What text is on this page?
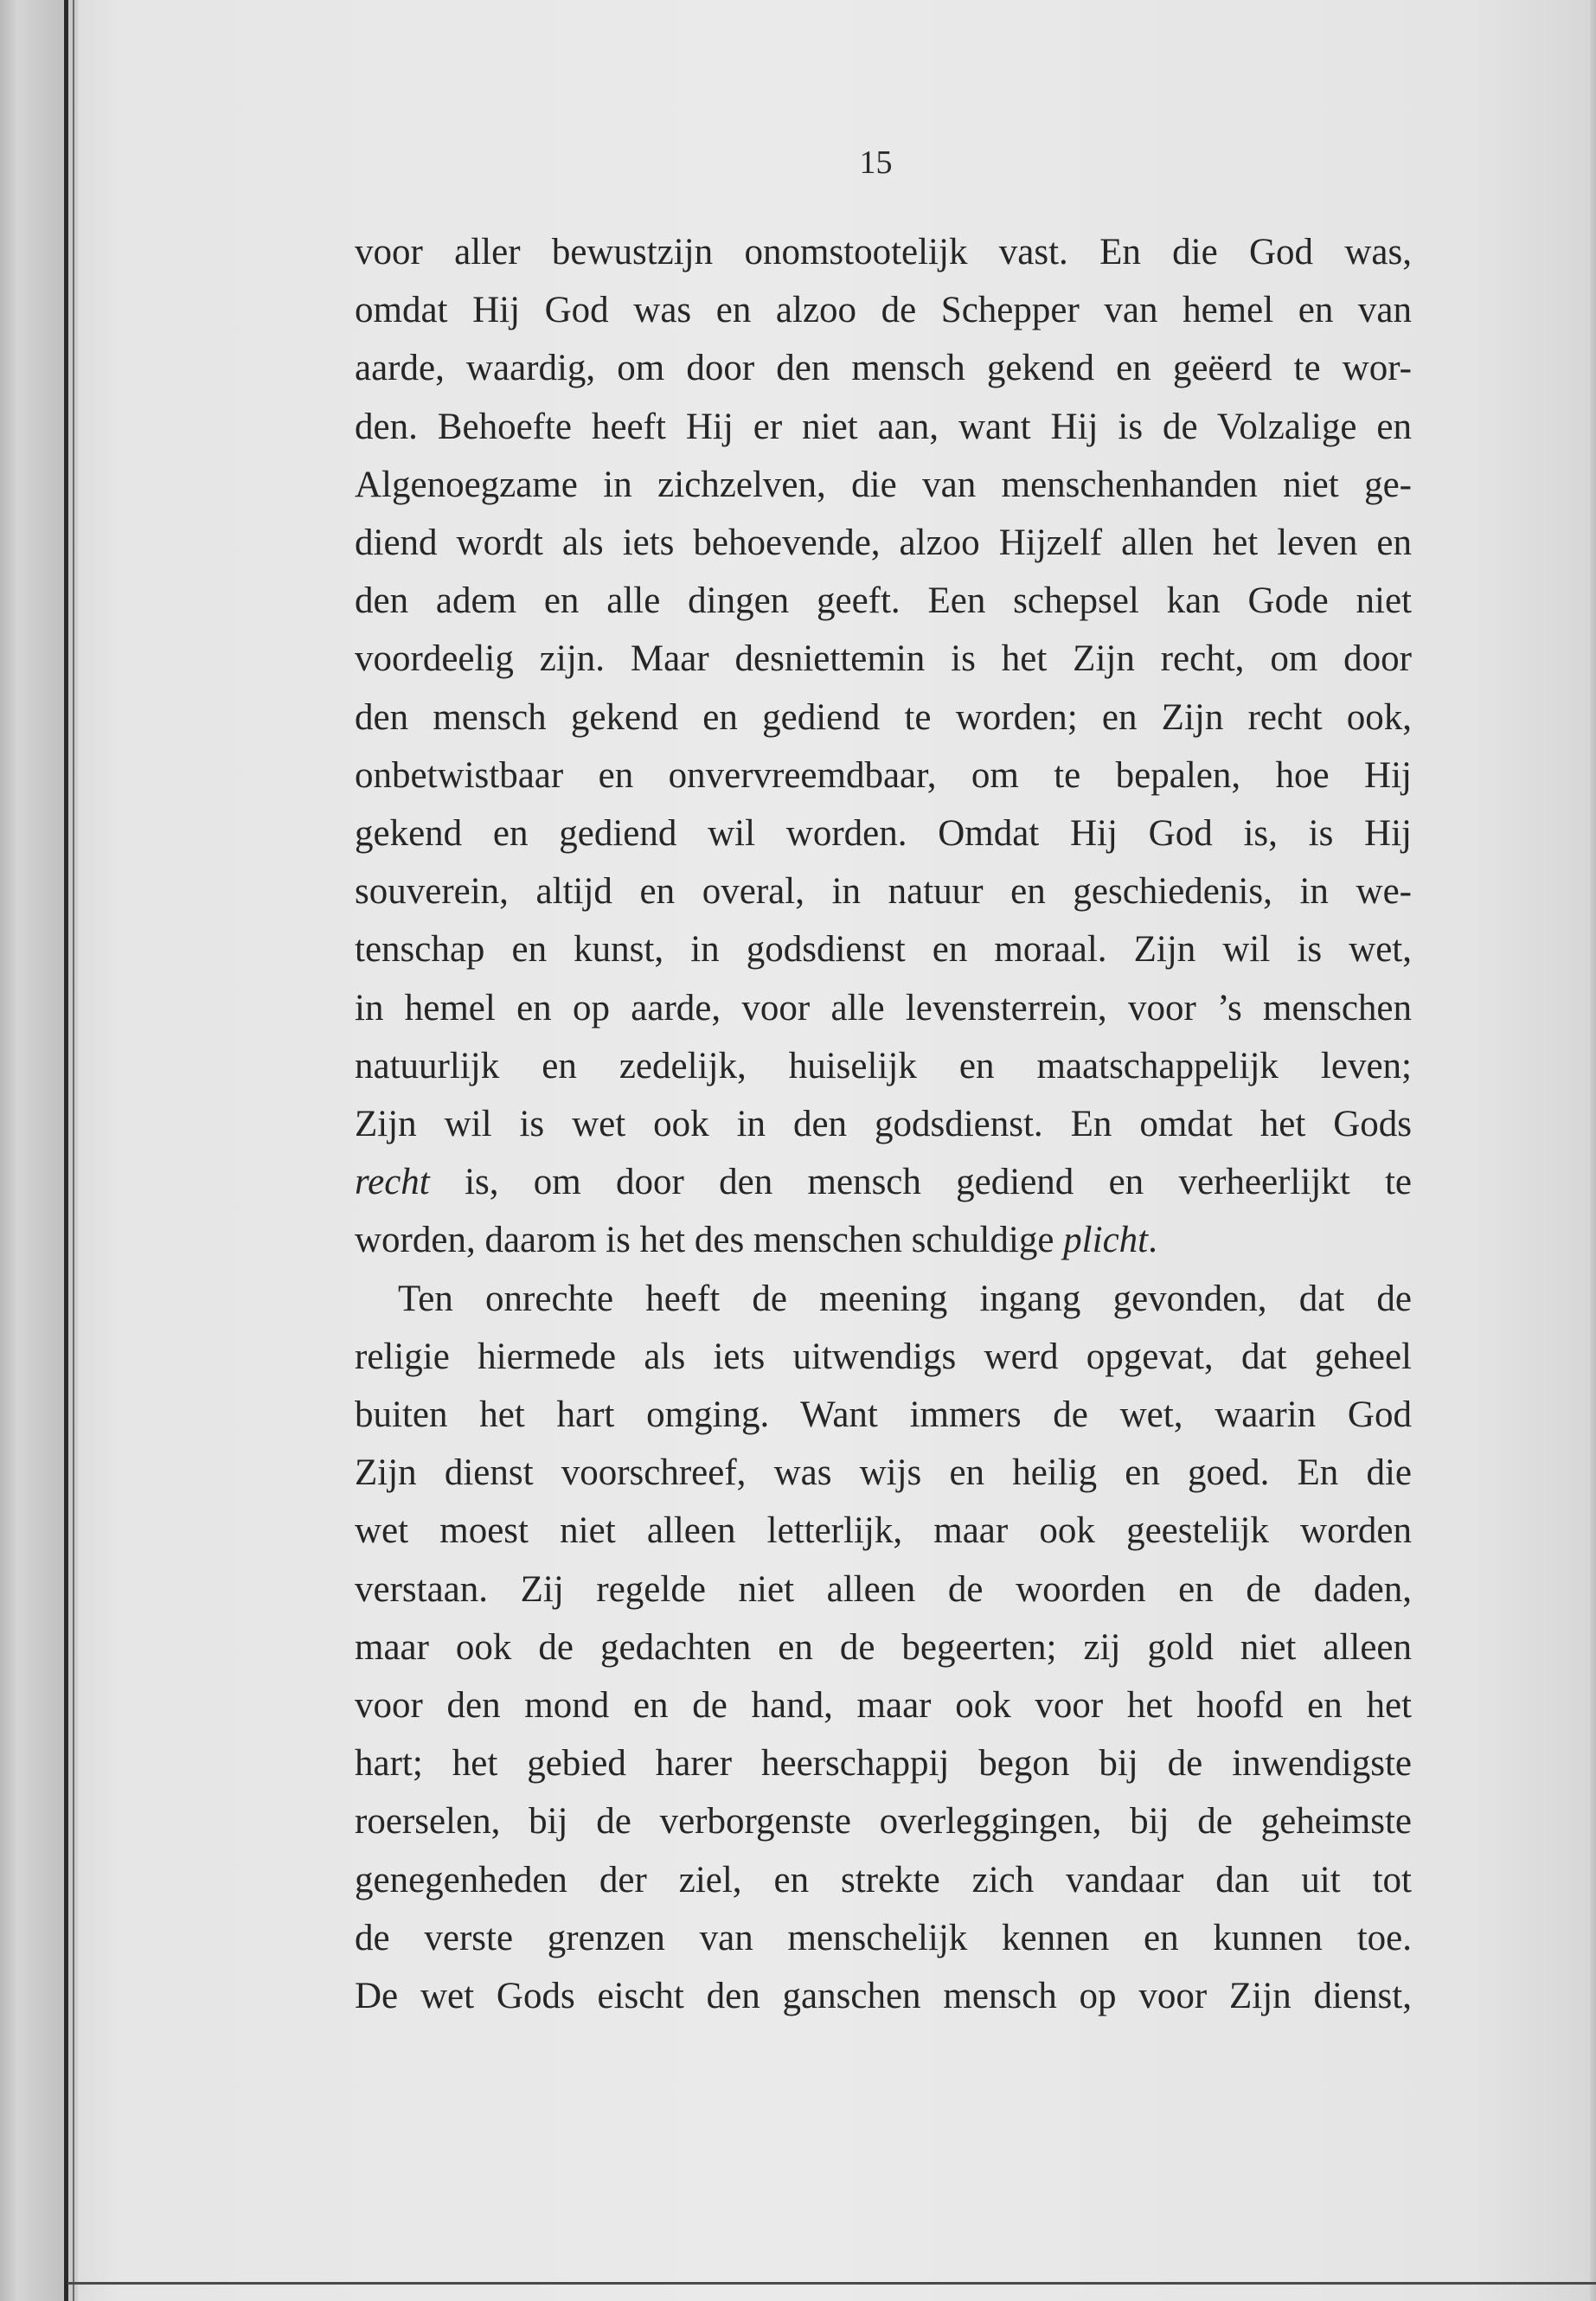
15
voor aller bewustzijn onomstootelijk vast. En die God was,
omdat Hij God was en alzoo de Schepper van hemel en van
aarde, waardig, om door den mensch gekend en geëerd te wor-
den. Behoefte heeft Hij er niet aan, want Hij is de Volzalige en
Algenoegzame in zichzelven, die van menschenhanden niet ge-
diend wordt als iets behoevende, alzoo Hijzelf allen het leven en
den adem en alle dingen geeft. Een schepsel kan Gode niet
voordeelig zijn. Maar desniettemin is het Zijn recht, om door
den mensch gekend en gediend te worden; en Zijn recht ook,
onbetwistbaar en onvervreemdbaar, om te bepalen, hoe Hij
gekend en gediend wil worden. Omdat Hij God is, is Hij
souverein, altijd en overal, in natuur en geschiedenis, in we-
tenschap en kunst, in godsdienst en moraal. Zijn wil is wet,
in hemel en op aarde, voor alle levensterrein, voor ’s menschen
natuurlijk en zedelijk, huiselijk en maatschappelijk leven;
Zijn wil is wet ook in den godsdienst. En omdat het Gods
recht is, om door den mensch gediend en verheerlijkt te
worden, daarom is het des menschen schuldige plicht.
Ten onrechte heeft de meening ingang gevonden, dat de
religie hiermede als iets uitwendigs werd opgevat, dat geheel
buiten het hart omging. Want immers de wet, waarin God
Zijn dienst voorschreef, was wijs en heilig en goed. En die
wet moest niet alleen letterlijk, maar ook geestelijk worden
verstaan. Zij regelde niet alleen de woorden en de daden,
maar ook de gedachten en de begeerten; zij gold niet alleen
voor den mond en de hand, maar ook voor het hoofd en het
hart; het gebied harer heerschappij begon bij de inwendigste
roerselen, bij de verborgenste overleggingen, bij de geheimste
genegenheden der ziel, en strekte zich vandaar dan uit tot
de verste grenzen van menschelijk kennen en kunnen toe.
De wet Gods eischt den ganschen mensch op voor Zijn dienst,
